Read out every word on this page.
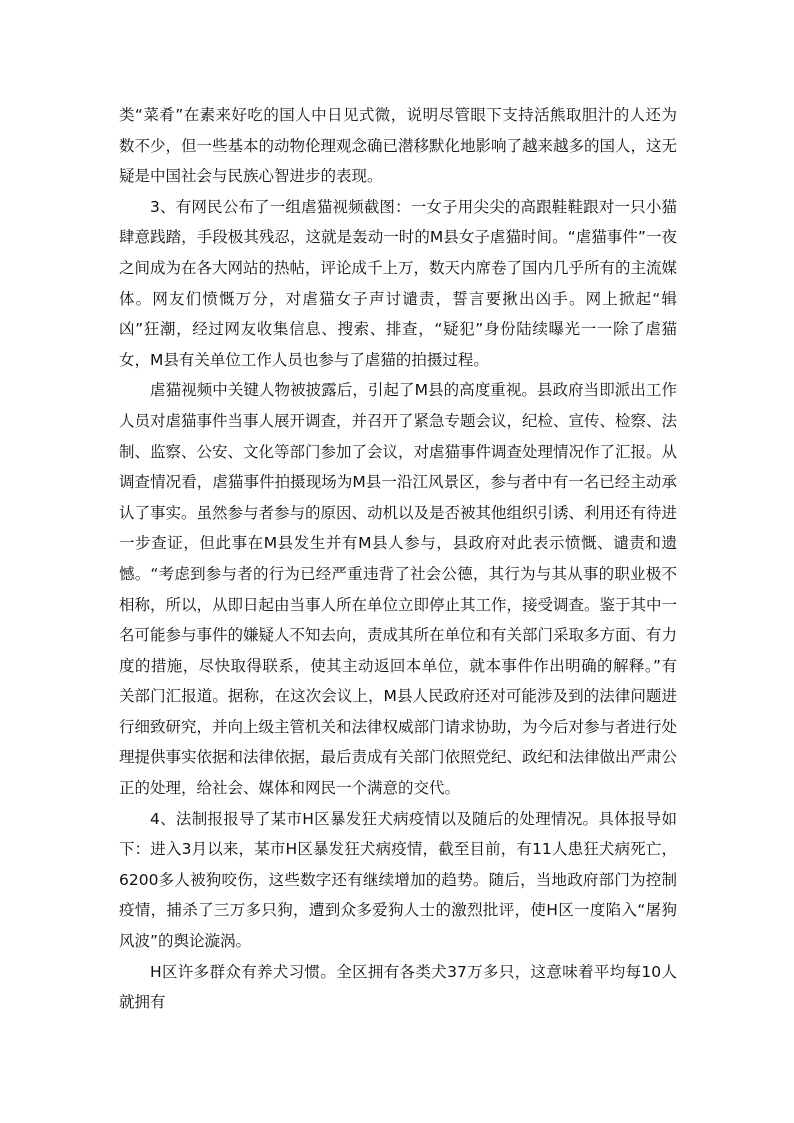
类“菜肴”在素来好吃的国人中日见式微，说明尽管眼下支持活熊取胆汁的人还为数不少，但一些基本的动物伦理观念确已潜移默化地影响了越来越多的国人，这无疑是中国社会与民族心智进步的表现。

3、有网民公布了一组虐猫视频截图：一女子用尖尖的高跟鞋鞋跟对一只小猫肆意践踏，手段极其残忍，这就是轰动一时的M县女子虐猫时间。“虐猫事件”一夜之间成为在各大网站的热帖，评论成千上万，数天内席卷了国内几乎所有的主流媒体。网友们愤慨万分，对虐猫女子声讨谴责，誓言要揪出凶手。网上掀起“辑凶”狂潮，经过网友收集信息、搜索、排查，“疑犯”身份陆续曝光一一除了虐猫女，M县有关单位工作人员也参与了虐猫的拍摄过程。

虐猫视频中关键人物被披露后，引起了M县的高度重视。县政府当即派出工作人员对虐猫事件当事人展开调查，并召开了紧急专题会议，纪检、宣传、检察、法制、监察、公安、文化等部门参加了会议，对虐猫事件调查处理情况作了汇报。从调查情况看，虐猫事件拍摄现场为M县一沿江风景区，参与者中有一名已经主动承认了事实。虽然参与者参与的原因、动机以及是否被其他组织引诱、利用还有待进一步查证，但此事在M县发生并有M县人参与，县政府对此表示愤慨、谴责和遗憾。“考虑到参与者的行为已经严重违背了社会公德，其行为与其从事的职业极不相称，所以，从即日起由当事人所在单位立即停止其工作，接受调查。鉴于其中一名可能参与事件的嫌疑人不知去向，责成其所在单位和有关部门采取多方面、有力度的措施，尽快取得联系，使其主动返回本单位，就本事件作出明确的解释。”有关部门汇报道。据称，在这次会议上，M县人民政府还对可能涉及到的法律问题进行细致研究，并向上级主管机关和法律权威部门请求协助，为今后对参与者进行处理提供事实依据和法律依据，最后责成有关部门依照党纪、政纪和法律做出严肃公正的处理，给社会、媒体和网民一个满意的交代。

4、法制报报导了某市H区暴发狂犬病疫情以及随后的处理情况。具体报导如下：进入3月以来，某市H区暴发狂犬病疫情，截至目前，有11人患狂犬病死亡，6200多人被狗咬伤，这些数字还有继续增加的趋势。随后，当地政府部门为控制疫情，捕杀了三万多只狗，遭到众多爱狗人士的激烈批评，使H区一度陷入“屠狗风波”的舆论漩涡。

H区许多群众有养犬习惯。全区拥有各类犬37万多只，这意味着平均每10人就拥有
